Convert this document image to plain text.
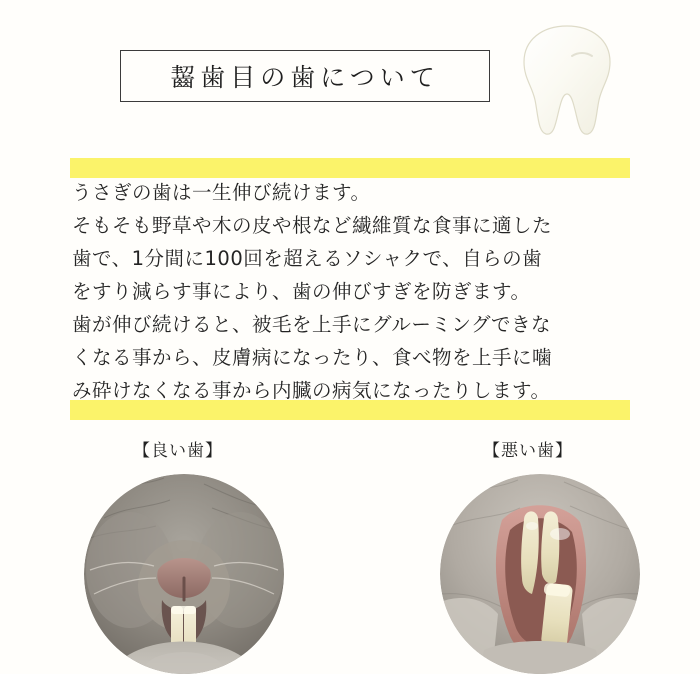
齧歯目の歯について

うさぎの歯は一生伸び続けます。

そもそも野草や木の皮や根など繊維質な食事に適した

歯で、1分間に100回を超えるソシャクで、自らの歯

をすり減らす事により、歯の伸びすぎを防ぎます。

歯が伸び続けると、被毛を上手にグルーミングできな

くなる事から、皮膚病になったり、食べ物を上手に噛

み砕けなくなる事から内臓の病気になったりします。

【良い歯】	【悪い歯】
